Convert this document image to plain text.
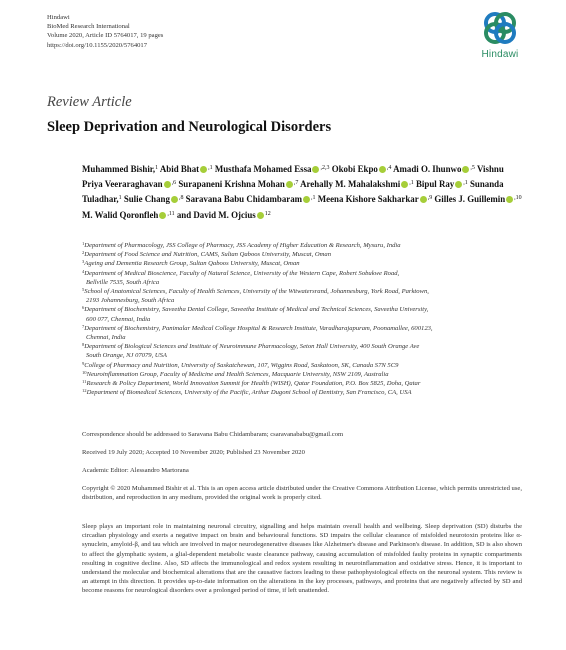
Hindawi
BioMed Research International
Volume 2020, Article ID 5764017, 19 pages
https://doi.org/10.1155/2020/5764017
Hindawi
Review Article
Sleep Deprivation and Neurological Disorders
Muhammed Bishir,$^1$ Abid Bhat $^{,1}$ Musthafa Mohamed Essa $^{,2,3}$ Okobi Ekpo $^{,4}$ Amadi O. Ihunwo $^{,5}$ Vishnu Priya Veeraraghavan $^{,6}$ Surapaneni Krishna Mohan $^{,7}$ Arehally M. Mahalakshmi $^{,1}$ Bipul Ray $^{,1}$ Sunanda Tuladhar,$^1$ Sulie Chang $^{,8}$ Saravana Babu Chidambaram $^{,1}$ Meena Kishore Sakharkar $^{,9}$ Gilles J. Guillemin $^{,10}$ M. Walid Qoronfleh $^{,11}$ and David M. Ojcius $^{12}$
$^1$Department of Pharmacology, JSS College of Pharmacy, JSS Academy of Higher Education & Research, Mysuru, India
$^2$Department of Food Science and Nutrition, CAMS, Sultan Qaboos University, Muscat, Oman
$^3$Ageing and Dementia Research Group, Sultan Qaboos University, Muscat, Oman
$^4$Department of Medical Bioscience, Faculty of Natural Science, University of the Western Cape, Robert Sobukwe Road,
Bellville 7535, South Africa
$^5$School of Anatomical Sciences, Faculty of Health Sciences, University of the Witwatersrand, Johannesburg, York Road, Parktown,
2193 Johannesburg, South Africa
$^6$Department of Biochemistry, Saveetha Dental College, Saveetha Institute of Medical and Technical Sciences, Saveetha University,
600 077, Chennai, India
$^7$Department of Biochemistry, Panimalar Medical College Hospital & Research Institute, Varadharajapuram, Poonamallee, 600123,
Chennai, India
$^8$Department of Biological Sciences and Institute of Neuroimmune Pharmacology, Seton Hall University, 400 South Orange Ave
South Orange, NJ 07079, USA
$^9$College of Pharmacy and Nutrition, University of Saskatchewan, 107, Wiggins Road, Saskatoon, SK, Canada S7N 5C9
$^{10}$Neuroinflammation Group, Faculty of Medicine and Health Sciences, Macquarie University, NSW 2109, Australia
$^{11}$Research & Policy Department, World Innovation Summit for Health (WISH), Qatar Foundation, P.O. Box 5825, Doha, Qatar
$^{12}$Department of Biomedical Sciences, University of the Pacific, Arthur Dugoni School of Dentistry, San Francisco, CA, USA
Correspondence should be addressed to Saravana Babu Chidambaram; csaravanababu@gmail.com
Received 19 July 2020; Accepted 10 November 2020; Published 23 November 2020
Academic Editor: Alessandro Martorana
Copyright © 2020 Muhammed Bishir et al. This is an open access article distributed under the Creative Commons Attribution License, which permits unrestricted use, distribution, and reproduction in any medium, provided the original work is properly cited.
Sleep plays an important role in maintaining neuronal circuitry, signalling and helps maintain overall health and wellbeing. Sleep deprivation (SD) disturbs the circadian physiology and exerts a negative impact on brain and behavioural functions. SD impairs the cellular clearance of misfolded neurotoxin proteins like α-synuclein, amyloid-β, and tau which are involved in major neurodegenerative diseases like Alzheimer's disease and Parkinson's disease. In addition, SD is also shown to affect the glymphatic system, a glial-dependent metabolic waste clearance pathway, causing accumulation of misfolded faulty proteins in synaptic compartments resulting in cognitive decline. Also, SD affects the immunological and redox system resulting in neuroinflammation and oxidative stress. Hence, it is important to understand the molecular and biochemical alterations that are the causative factors leading to these pathophysiological effects on the neuronal system. This review is an attempt in this direction. It provides up-to-date information on the alterations in the key processes, pathways, and proteins that are negatively affected by SD and become reasons for neurological disorders over a prolonged period of time, if left unattended.
